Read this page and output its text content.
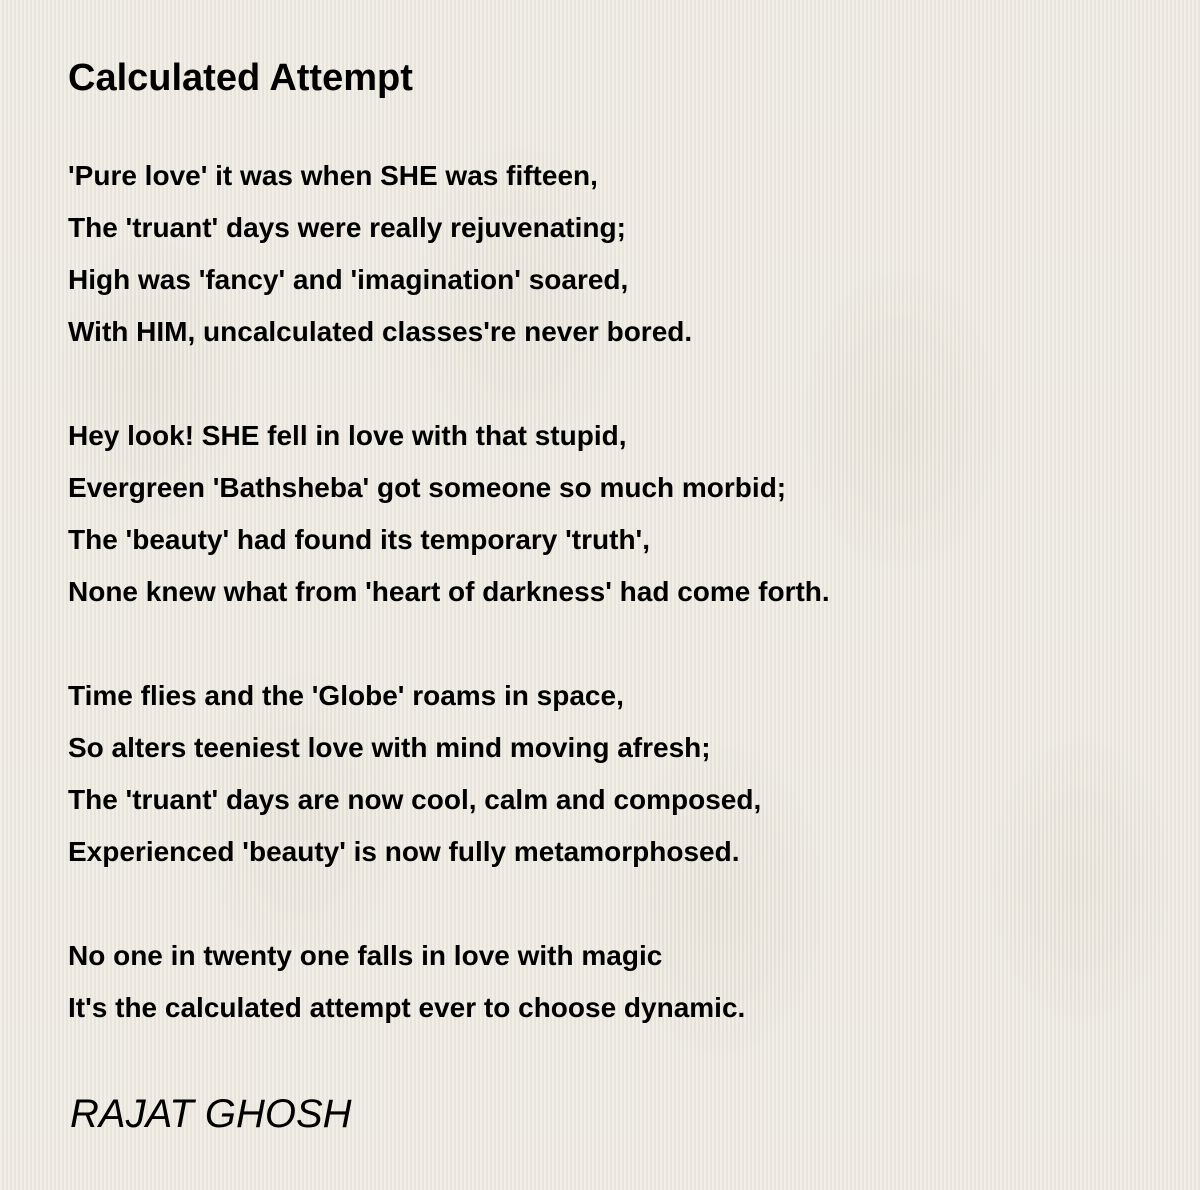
Calculated Attempt
'Pure love' it was when SHE was fifteen,
The 'truant' days were really rejuvenating;
High was 'fancy' and 'imagination' soared,
With HIM, uncalculated classes're never bored.
Hey look! SHE fell in love with that stupid,
Evergreen 'Bathsheba' got someone so much morbid;
The 'beauty' had found its temporary 'truth',
None knew what from 'heart of darkness' had come forth.
Time flies and the 'Globe' roams in space,
So alters teeniest love with mind moving afresh;
The 'truant' days are now cool, calm and composed,
Experienced 'beauty' is now fully metamorphosed.
No one in twenty one falls in love with magic
It's the calculated attempt ever to choose dynamic.
RAJAT GHOSH
